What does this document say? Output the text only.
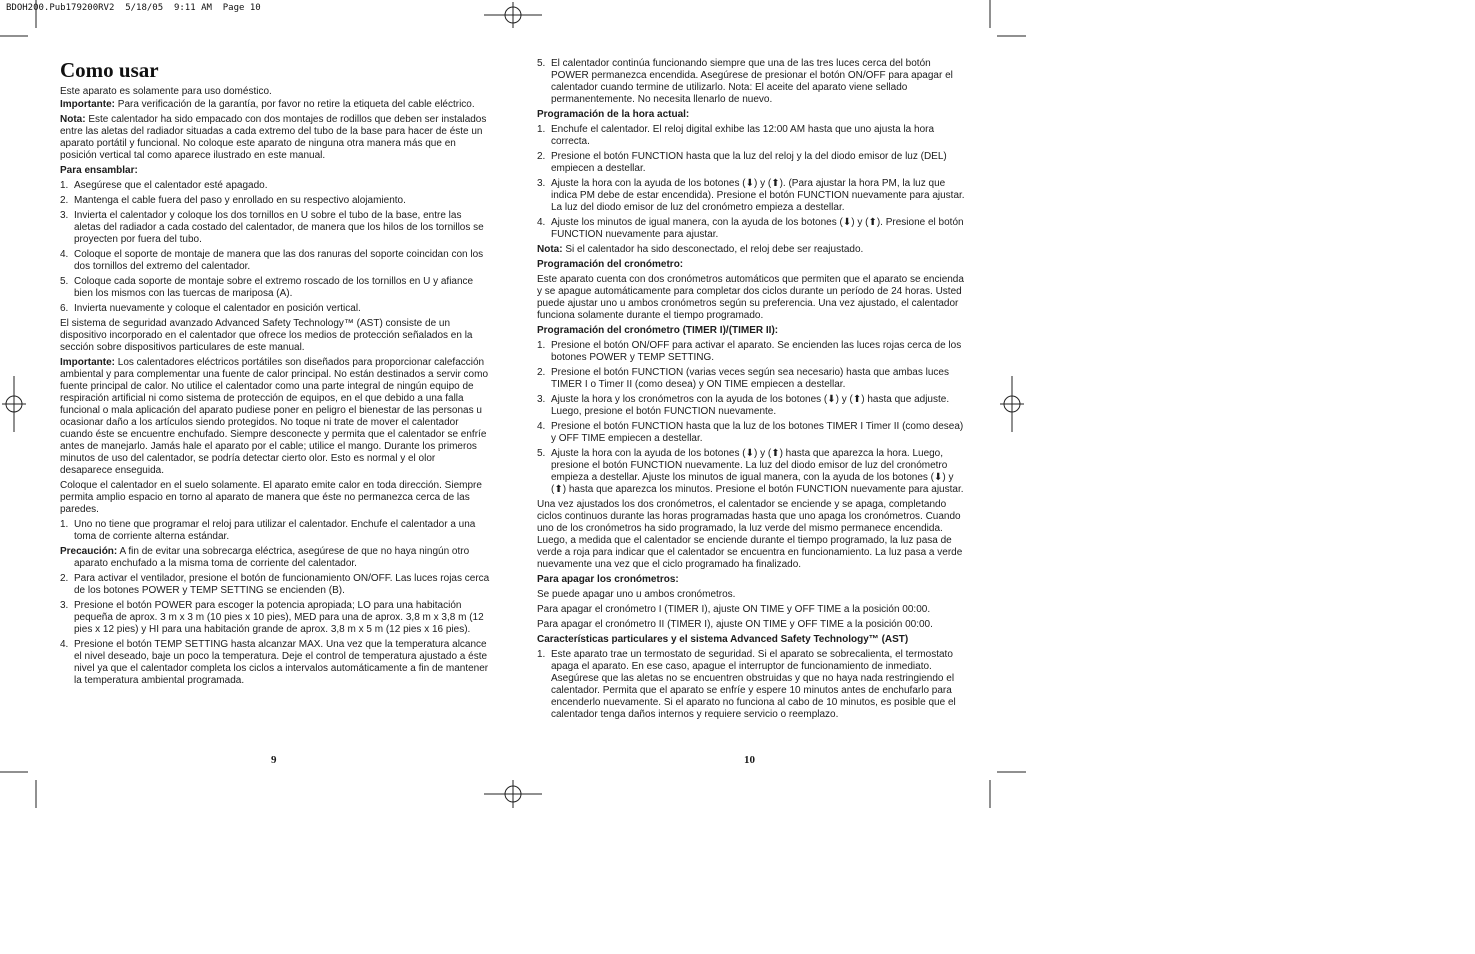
BDOH200.Pub179200RV2  5/18/05  9:11 AM  Page 10
Como usar

Este aparato es solamente para uso doméstico.

Importante: Para verificación de la garantía, por favor no retire la etiqueta del cable eléctrico.

Nota: Este calentador ha sido empacado con dos montajes de rodillos que deben ser instalados entre las aletas del radiador situadas a cada extremo del tubo de la base para hacer de éste un aparato portátil y funcional. No coloque este aparato de ninguna otra manera más que en posición vertical tal como aparece ilustrado en este manual.

Para ensamblar:
1. Asegúrese que el calentador esté apagado.
2. Mantenga el cable fuera del paso y enrollado en su respectivo alojamiento.
3. Invierta el calentador y coloque los dos tornillos en U sobre el tubo de la base, entre las aletas del radiador a cada costado del calentador, de manera que los hilos de los tornillos se proyecten por fuera del tubo.
4. Coloque el soporte de montaje de manera que las dos ranuras del soporte coincidan con los dos tornillos del extremo del calentador.
5. Coloque cada soporte de montaje sobre el extremo roscado de los tornillos en U y afiance bien los mismos con las tuercas de mariposa (A).
6. Invierta nuevamente y coloque el calentador en posición vertical.

El sistema de seguridad avanzado Advanced Safety Technology™ (AST) consiste de un dispositivo incorporado en el calentador que ofrece los medios de protección señalados en la sección sobre dispositivos particulares de este manual.

Importante: Los calentadores eléctricos portátiles son diseñados para proporcionar calefacción ambiental y para complementar una fuente de calor principal. No están destinados a servir como fuente principal de calor. No utilice el calentador como una parte integral de ningún equipo de respiración artificial ni como sistema de protección de equipos, en el que debido a una falla funcional o mala aplicación del aparato pudiese poner en peligro el bienestar de las personas u ocasionar daño a los artículos siendo protegidos. No toque ni trate de mover el calentador cuando éste se encuentre enchufado. Siempre desconecte y permita que el calentador se enfríe antes de manejarlo. Jamás hale el aparato por el cable; utilice el mango. Durante los primeros minutos de uso del calentador, se podría detectar cierto olor. Esto es normal y el olor desaparece enseguida.

Coloque el calentador en el suelo solamente. El aparato emite calor en toda dirección. Siempre permita amplio espacio en torno al aparato de manera que éste no permanezca cerca de las paredes.

1. Uno no tiene que programar el reloj para utilizar el calentador. Enchufe el calentador a una toma de corriente alterna estándar.

Precaución: A fin de evitar una sobrecarga eléctrica, asegúrese de que no haya ningún otro aparato enchufado a la misma toma de corriente del calentador.

2. Para activar el ventilador, presione el botón de funcionamiento ON/OFF. Las luces rojas cerca de los botones POWER y TEMP SETTING se encienden (B).
3. Presione el botón POWER para escoger la potencia apropiada; LO para una habitación pequeña de aprox. 3 m x 3 m (10 pies x 10 pies), MED para una de aprox. 3,8 m x 3,8 m (12 pies x 12 pies) y HI para una habitación grande de aprox. 3,8 m x 5 m (12 pies x 16 pies).
4. Presione el botón TEMP SETTING hasta alcanzar MAX. Una vez que la temperatura alcance el nivel deseado, baje un poco la temperatura. Deje el control de temperatura ajustado a éste nivel ya que el calentador completa los ciclos a intervalos automáticamente a fin de mantener la temperatura ambiental programada.
9
5. El calentador continúa funcionando siempre que una de las tres luces cerca del botón POWER permanezca encendida. Asegúrese de presionar el botón ON/OFF para apagar el calentador cuando termine de utilizarlo. Nota: El aceite del aparato viene sellado permanentemente. No necesita llenarlo de nuevo.
Programación de la hora actual:
1. Enchufe el calentador. El reloj digital exhibe las 12:00 AM hasta que uno ajusta la hora correcta.
2. Presione el botón FUNCTION hasta que la luz del reloj y la del diodo emisor de luz (DEL) empiecen a destellar.
3. Ajuste la hora con la ayuda de los botones (⬇) y (⬆). (Para ajustar la hora PM, la luz que indica PM debe de estar encendida). Presione el botón FUNCTION nuevamente para ajustar. La luz del diodo emisor de luz del cronómetro empieza a destellar.
4. Ajuste los minutos de igual manera, con la ayuda de los botones (⬇) y (⬆). Presione el botón FUNCTION nuevamente para ajustar.

Nota: Si el calentador ha sido desconectado, el reloj debe ser reajustado.

Programación del cronómetro:

Este aparato cuenta con dos cronómetros automáticos que permiten que el aparato se encienda y se apague automáticamente para completar dos ciclos durante un período de 24 horas. Usted puede ajustar uno u ambos cronómetros según su preferencia. Una vez ajustado, el calentador funciona solamente durante el tiempo programado.

Programación del cronómetro (TIMER I)/(TIMER II):
1. Presione el botón ON/OFF para activar el aparato. Se encienden las luces rojas cerca de los botones POWER y TEMP SETTING.
2. Presione el botón FUNCTION (varias veces según sea necesario) hasta que ambas luces TIMER I o Timer II (como desea) y ON TIME empiecen a destellar.
3. Ajuste la hora y los cronómetros con la ayuda de los botones (⬇) y (⬆) hasta que adjuste. Luego, presione el botón FUNCTION nuevamente.
4. Presione el botón FUNCTION hasta que la luz de los botones TIMER I Timer II (como desea) y OFF TIME empiecen a destellar.
5. Ajuste la hora con la ayuda de los botones (⬇) y (⬆) hasta que aparezca la hora. Luego, presione el botón FUNCTION nuevamente. La luz del diodo emisor de luz del cronómetro empieza a destellar. Ajuste los minutos de igual manera, con la ayuda de los botones (⬇) y (⬆) hasta que aparezca los minutos. Presione el botón FUNCTION nuevamente para ajustar.

Una vez ajustados los dos cronómetros, el calentador se enciende y se apaga, completando ciclos continuos durante las horas programadas hasta que uno apaga los cronómetros. Cuando uno de los cronómetros ha sido programado, la luz verde del mismo permanece encendida. Luego, a medida que el calentador se enciende durante el tiempo programado, la luz pasa de verde a roja para indicar que el calentador se encuentra en funcionamiento. La luz pasa a verde nuevamente una vez que el ciclo programado ha finalizado.

Para apagar los cronómetros:

Se puede apagar uno u ambos cronómetros.

Para apagar el cronómetro I (TIMER I), ajuste ON TIME y OFF TIME a la posición 00:00.

Para apagar el cronómetro II (TIMER I), ajuste ON TIME y OFF TIME a la posición 00:00.

Características particulares y el sistema Advanced Safety Technology™ (AST)
1. Este aparato trae un termostato de seguridad. Si el aparato se sobrecalienta, el termostato apaga el aparato. En ese caso, apague el interruptor de funcionamiento de inmediato. Asegúrese que las aletas no se encuentren obstruidas y que no haya nada restringiendo el calentador. Permita que el aparato se enfríe y espere 10 minutos antes de enchufarlo para encenderlo nuevamente. Si el aparato no funciona al cabo de 10 minutos, es posible que el calentador tenga daños internos y requiere servicio o reemplazo.
10
